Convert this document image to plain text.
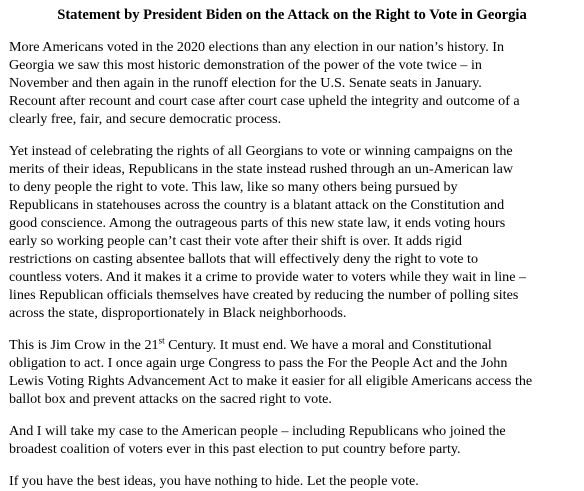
Statement by President Biden on the Attack on the Right to Vote in Georgia
More Americans voted in the 2020 elections than any election in our nation’s history. In
Georgia we saw this most historic demonstration of the power of the vote twice – in
November and then again in the runoff election for the U.S. Senate seats in January.
Recount after recount and court case after court case upheld the integrity and outcome of a
clearly free, fair, and secure democratic process.
Yet instead of celebrating the rights of all Georgians to vote or winning campaigns on the
merits of their ideas, Republicans in the state instead rushed through an un-American law
to deny people the right to vote. This law, like so many others being pursued by
Republicans in statehouses across the country is a blatant attack on the Constitution and
good conscience. Among the outrageous parts of this new state law, it ends voting hours
early so working people can’t cast their vote after their shift is over. It adds rigid
restrictions on casting absentee ballots that will effectively deny the right to vote to
countless voters. And it makes it a crime to provide water to voters while they wait in line –
lines Republican officials themselves have created by reducing the number of polling sites
across the state, disproportionately in Black neighborhoods.
This is Jim Crow in the 21st Century. It must end. We have a moral and Constitutional
obligation to act. I once again urge Congress to pass the For the People Act and the John
Lewis Voting Rights Advancement Act to make it easier for all eligible Americans access the
ballot box and prevent attacks on the sacred right to vote.
And I will take my case to the American people – including Republicans who joined the
broadest coalition of voters ever in this past election to put country before party.
If you have the best ideas, you have nothing to hide. Let the people vote.
